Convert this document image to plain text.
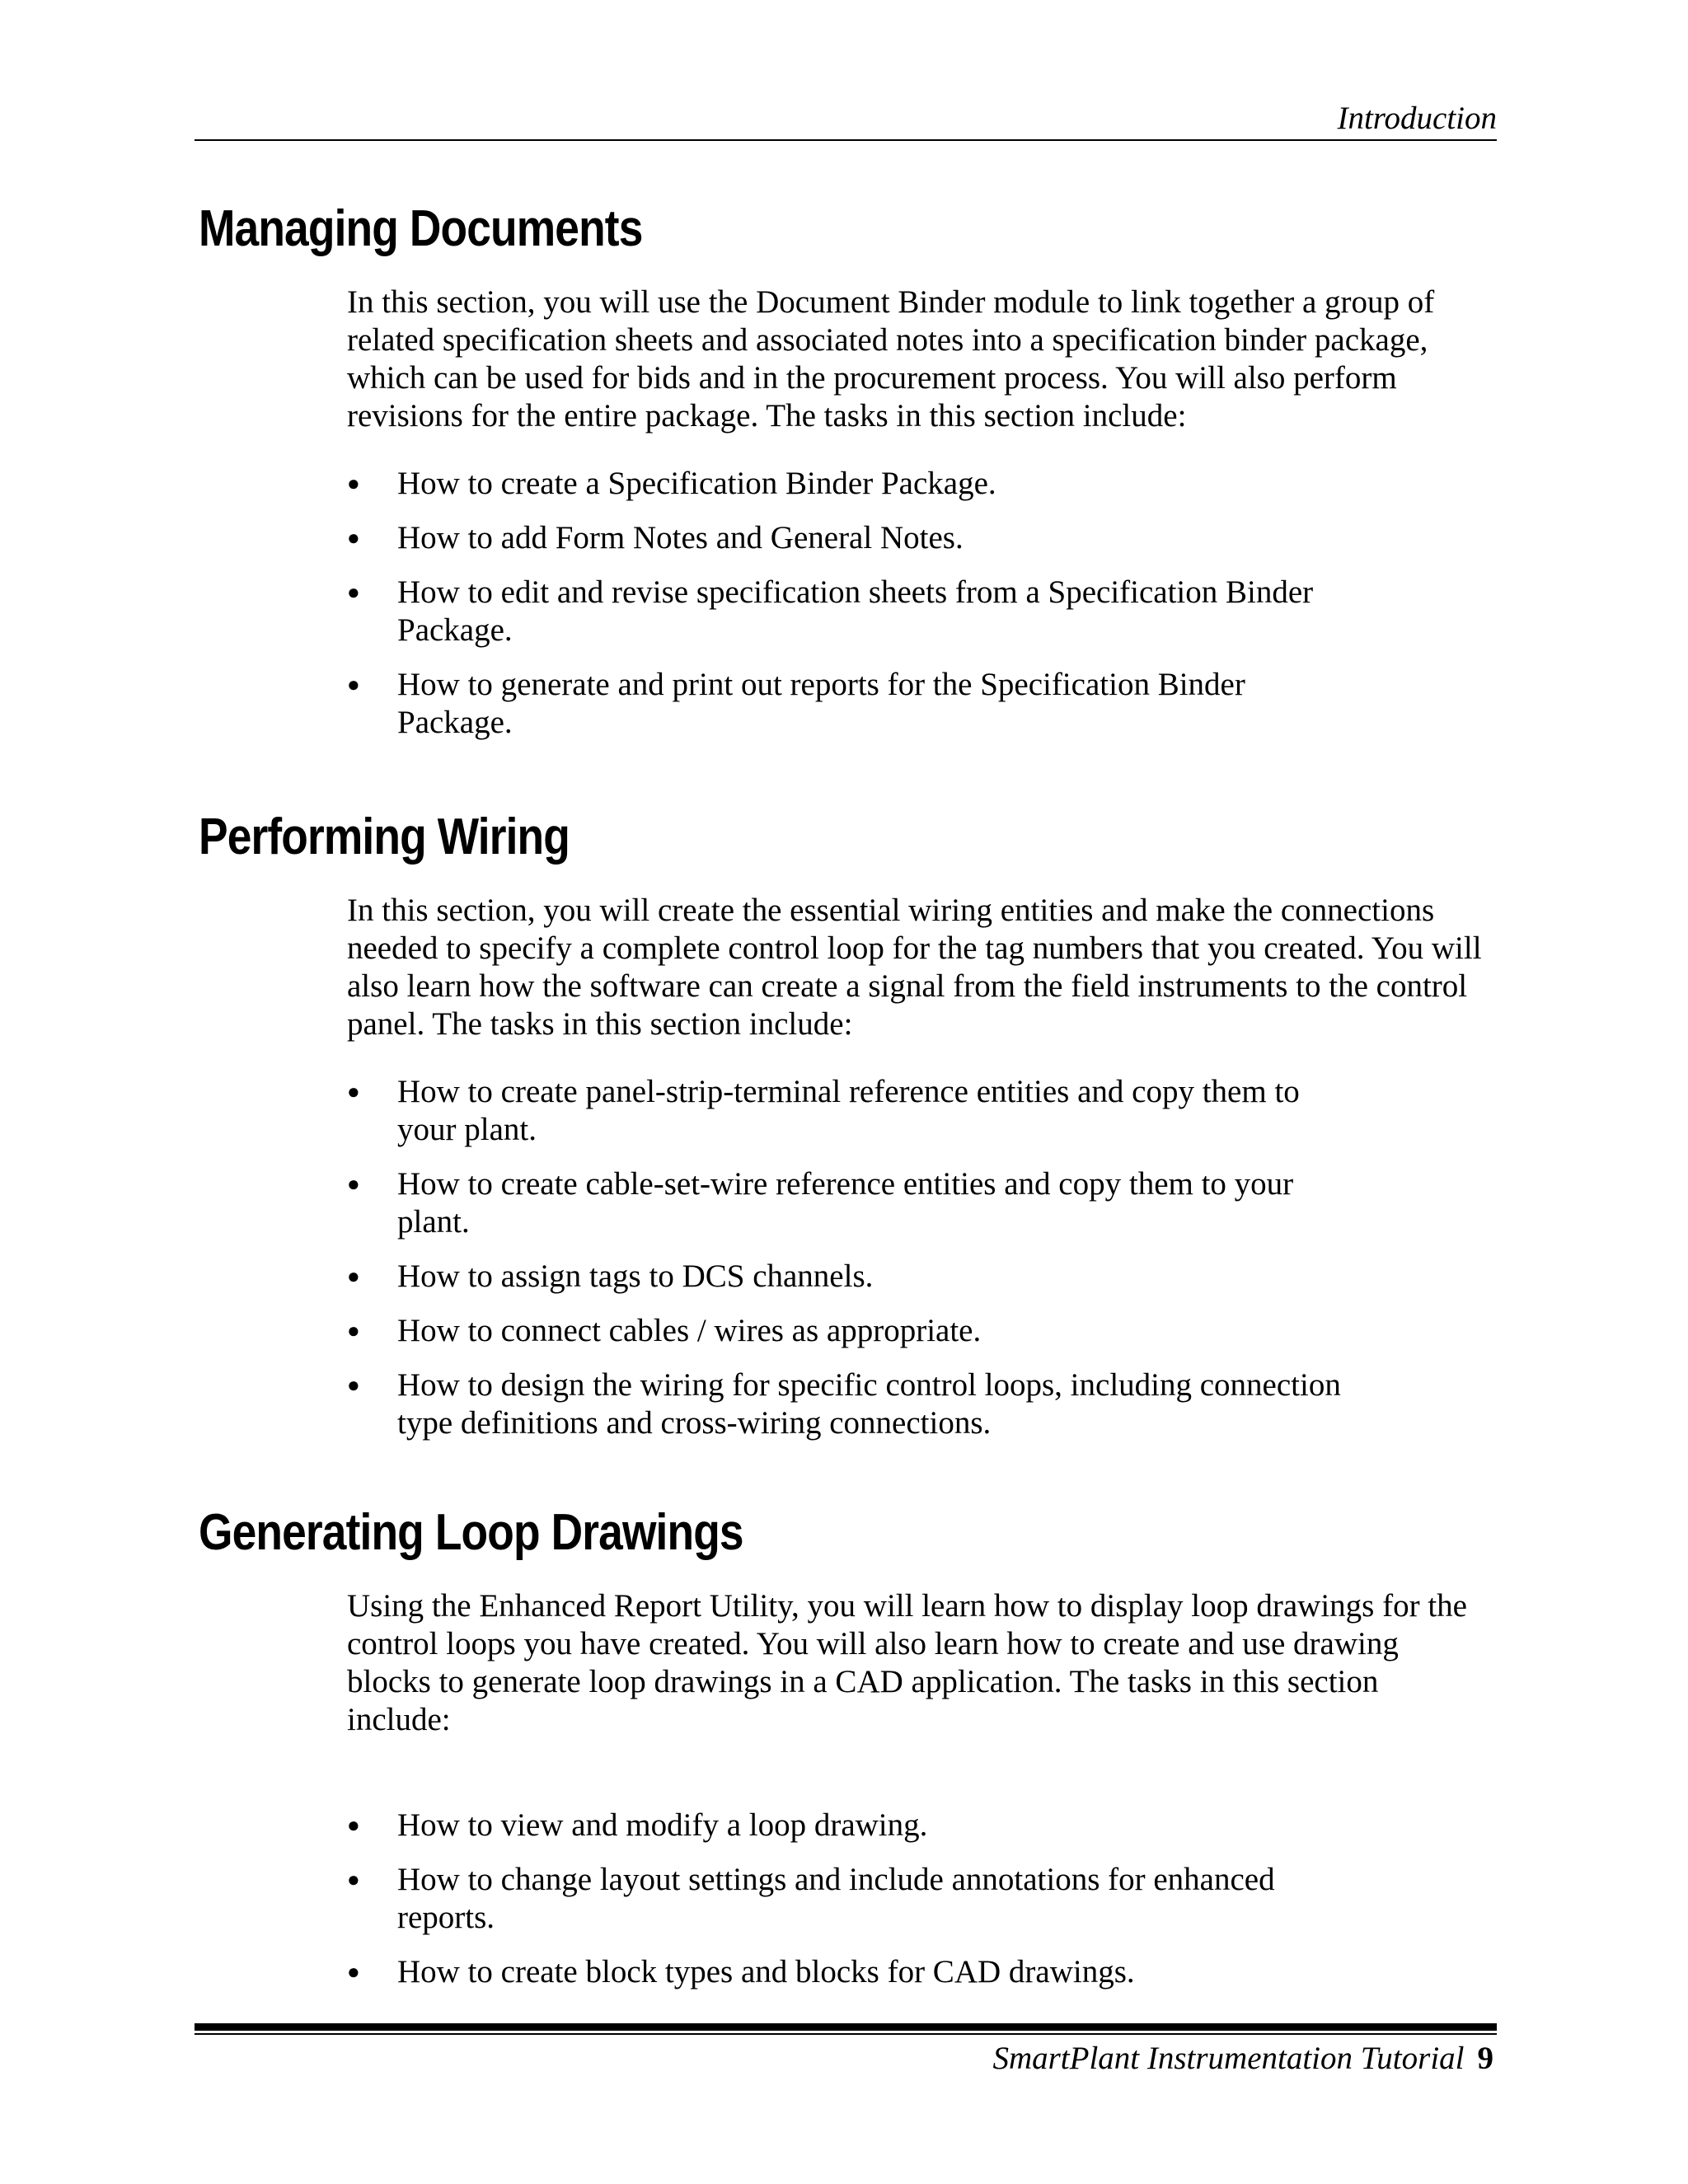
Introduction
Managing Documents

In this section, you will use the Document Binder module to link together a group of related specification sheets and associated notes into a specification binder package, which can be used for bids and in the procurement process. You will also perform revisions for the entire package. The tasks in this section include:

● How to create a Specification Binder Package.
● How to add Form Notes and General Notes.
● How to edit and revise specification sheets from a Specification Binder Package.
● How to generate and print out reports for the Specification Binder Package.
Performing Wiring

In this section, you will create the essential wiring entities and make the connections needed to specify a complete control loop for the tag numbers that you created. You will also learn how the software can create a signal from the field instruments to the control panel. The tasks in this section include:

● How to create panel-strip-terminal reference entities and copy them to your plant.
● How to create cable-set-wire reference entities and copy them to your plant.
● How to assign tags to DCS channels.
● How to connect cables / wires as appropriate.
● How to design the wiring for specific control loops, including connection type definitions and cross-wiring connections.
Generating Loop Drawings

Using the Enhanced Report Utility, you will learn how to display loop drawings for the control loops you have created. You will also learn how to create and use drawing blocks to generate loop drawings in a CAD application. The tasks in this section include:

● How to view and modify a loop drawing.
● How to change layout settings and include annotations for enhanced reports.
● How to create block types and blocks for CAD drawings.
SmartPlant Instrumentation Tutorial 9
